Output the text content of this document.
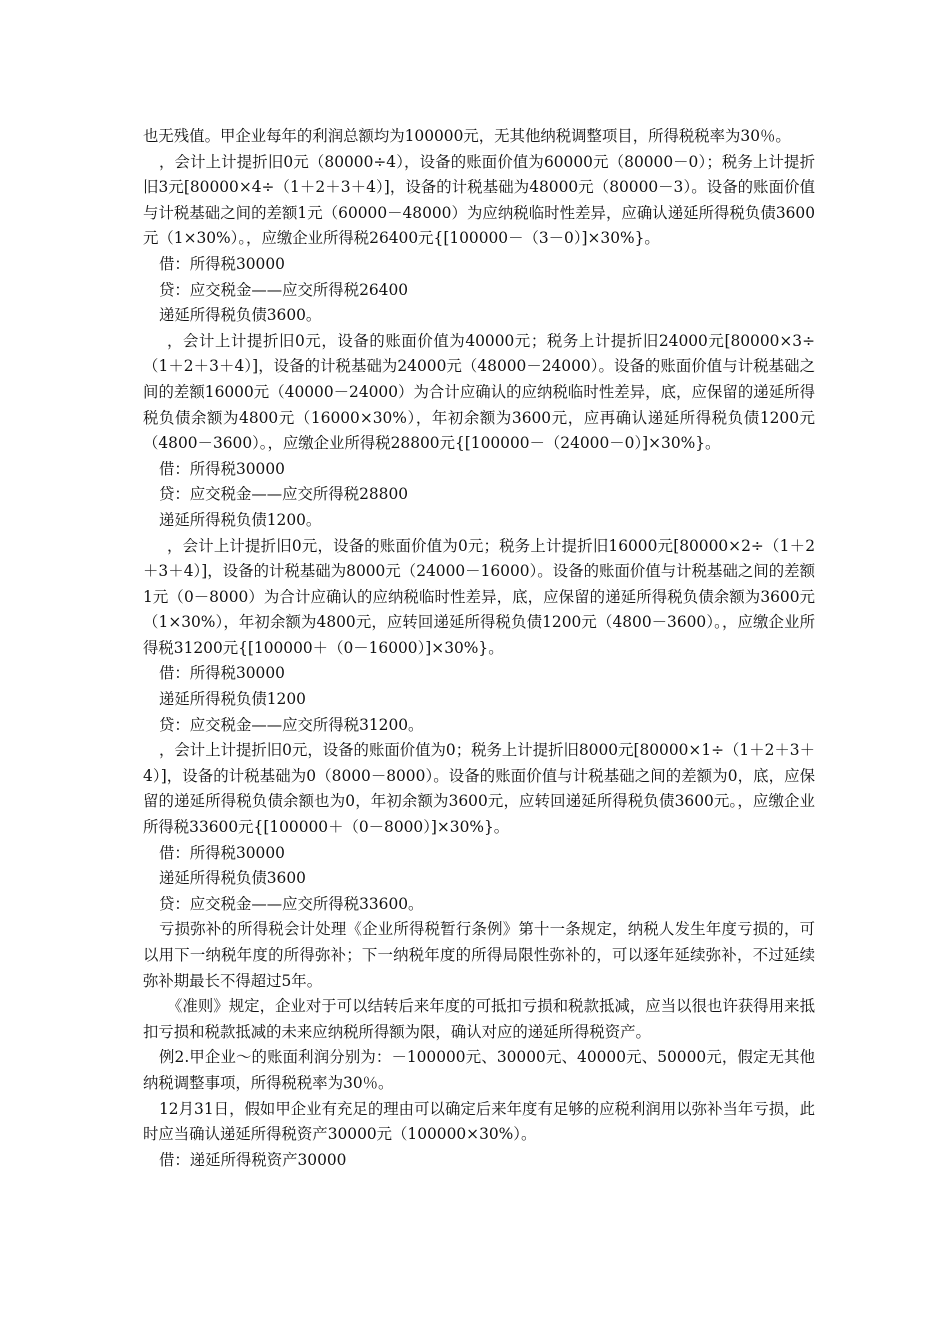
也无残值。甲企业每年的利润总额均为100000元，无其他纳税调整项目，所得税税率为30％。

，会计上计提折旧0元（80000÷4），设备的账面价值为60000元（80000－0）；税务上计提折旧3元[80000×4÷（1＋2＋3＋4）]，设备的计税基础为48000元（80000－3）。设备的账面价值与计税基础之间的差额1元（60000－48000）为应纳税临时性差异，应确认递延所得税负债3600元（1×30%）。，应缴企业所得税26400元{[100000－（3－0）]×30%}。

借：所得税30000

贷：应交税金——应交所得税26400

递延所得税负债3600。

，会计上计提折旧0元，设备的账面价值为40000元；税务上计提折旧24000元[80000×3÷（1＋2＋3＋4）]，设备的计税基础为24000元（48000－24000）。设备的账面价值与计税基础之间的差额16000元（40000－24000）为合计应确认的应纳税临时性差异，底，应保留的递延所得税负债余额为4800元（16000×30%），年初余额为3600元，应再确认递延所得税负债1200元（4800－3600）。，应缴企业所得税28800元{[100000－（24000－0）]×30%}。

借：所得税30000

贷：应交税金——应交所得税28800

递延所得税负债1200。

，会计上计提折旧0元，设备的账面价值为0元；税务上计提折旧16000元[80000×2÷（1＋2＋3＋4）]，设备的计税基础为8000元（24000－16000）。设备的账面价值与计税基础之间的差额1元（0－8000）为合计应确认的应纳税临时性差异，底，应保留的递延所得税负债余额为3600元（1×30%），年初余额为4800元，应转回递延所得税负债1200元（4800－3600）。，应缴企业所得税31200元{[100000＋（0－16000）]×30%}。

借：所得税30000

递延所得税负债1200

贷：应交税金——应交所得税31200。

，会计上计提折旧0元，设备的账面价值为0；税务上计提折旧8000元[80000×1÷（1＋2＋3＋4）]，设备的计税基础为0（8000－8000）。设备的账面价值与计税基础之间的差额为0，底，应保留的递延所得税负债余额也为0，年初余额为3600元，应转回递延所得税负债3600元。，应缴企业所得税33600元{[100000＋（0－8000）]×30%}。

借：所得税30000

递延所得税负债3600

贷：应交税金——应交所得税33600。

亏损弥补的所得税会计处理《企业所得税暂行条例》第十一条规定，纳税人发生年度亏损的，可以用下一纳税年度的所得弥补；下一纳税年度的所得局限性弥补的，可以逐年延续弥补，不过延续弥补期最长不得超过5年。

《准则》规定，企业对于可以结转后来年度的可抵扣亏损和税款抵减，应当以很也许获得用来抵扣亏损和税款抵减的未来应纳税所得额为限，确认对应的递延所得税资产。

例2.甲企业～的账面利润分别为：－100000元、30000元、40000元、50000元，假定无其他纳税调整事项，所得税税率为30％。

12月31日，假如甲企业有充足的理由可以确定后来年度有足够的应税利润用以弥补当年亏损，此时应当确认递延所得税资产30000元（100000×30%）。

借：递延所得税资产30000
